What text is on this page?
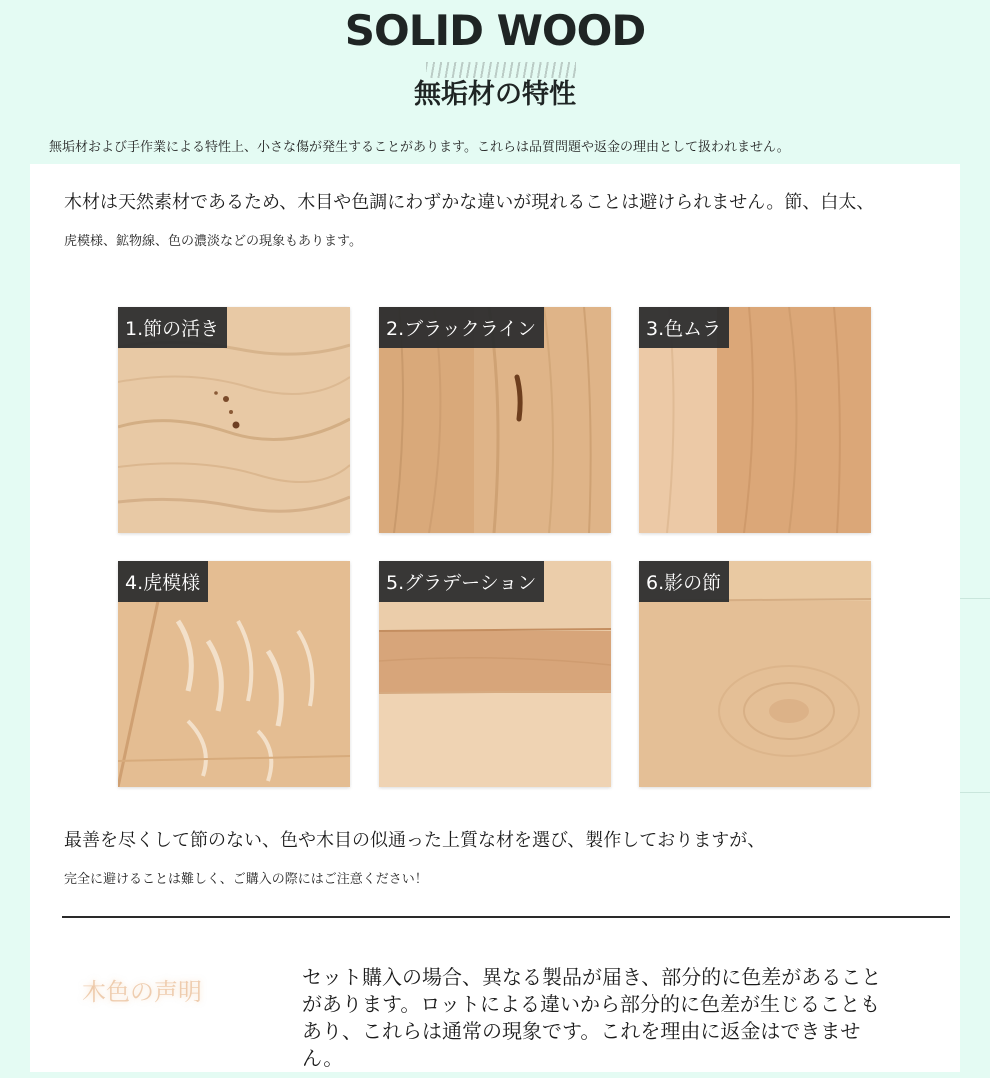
SOLID WOOD
無垢材の特性
無垢材および手作業による特性上、小さな傷が発生することがあります。これらは品質問題や返金の理由として扱われません。
木材は天然素材であるため、木目や色調にわずかな違いが現れることは避けられません。節、白太、
虎模様、鉱物線、色の濃淡などの現象もあります。
1.節の活き	2.ブラックライン	3.色ムラ
4.虎模様	5.グラデーション	6.影の節
最善を尽くして節のない、色や木目の似通った上質な材を選び、製作しておりますが、
完全に避けることは難しく、ご購入の際にはご注意ください！
木色の声明
セット購入の場合、異なる製品が届き、部分的に色差があることがあります。ロットによる違いから部分的に色差が生じることもあり、これらは通常の現象です。これを理由に返金はできません。
